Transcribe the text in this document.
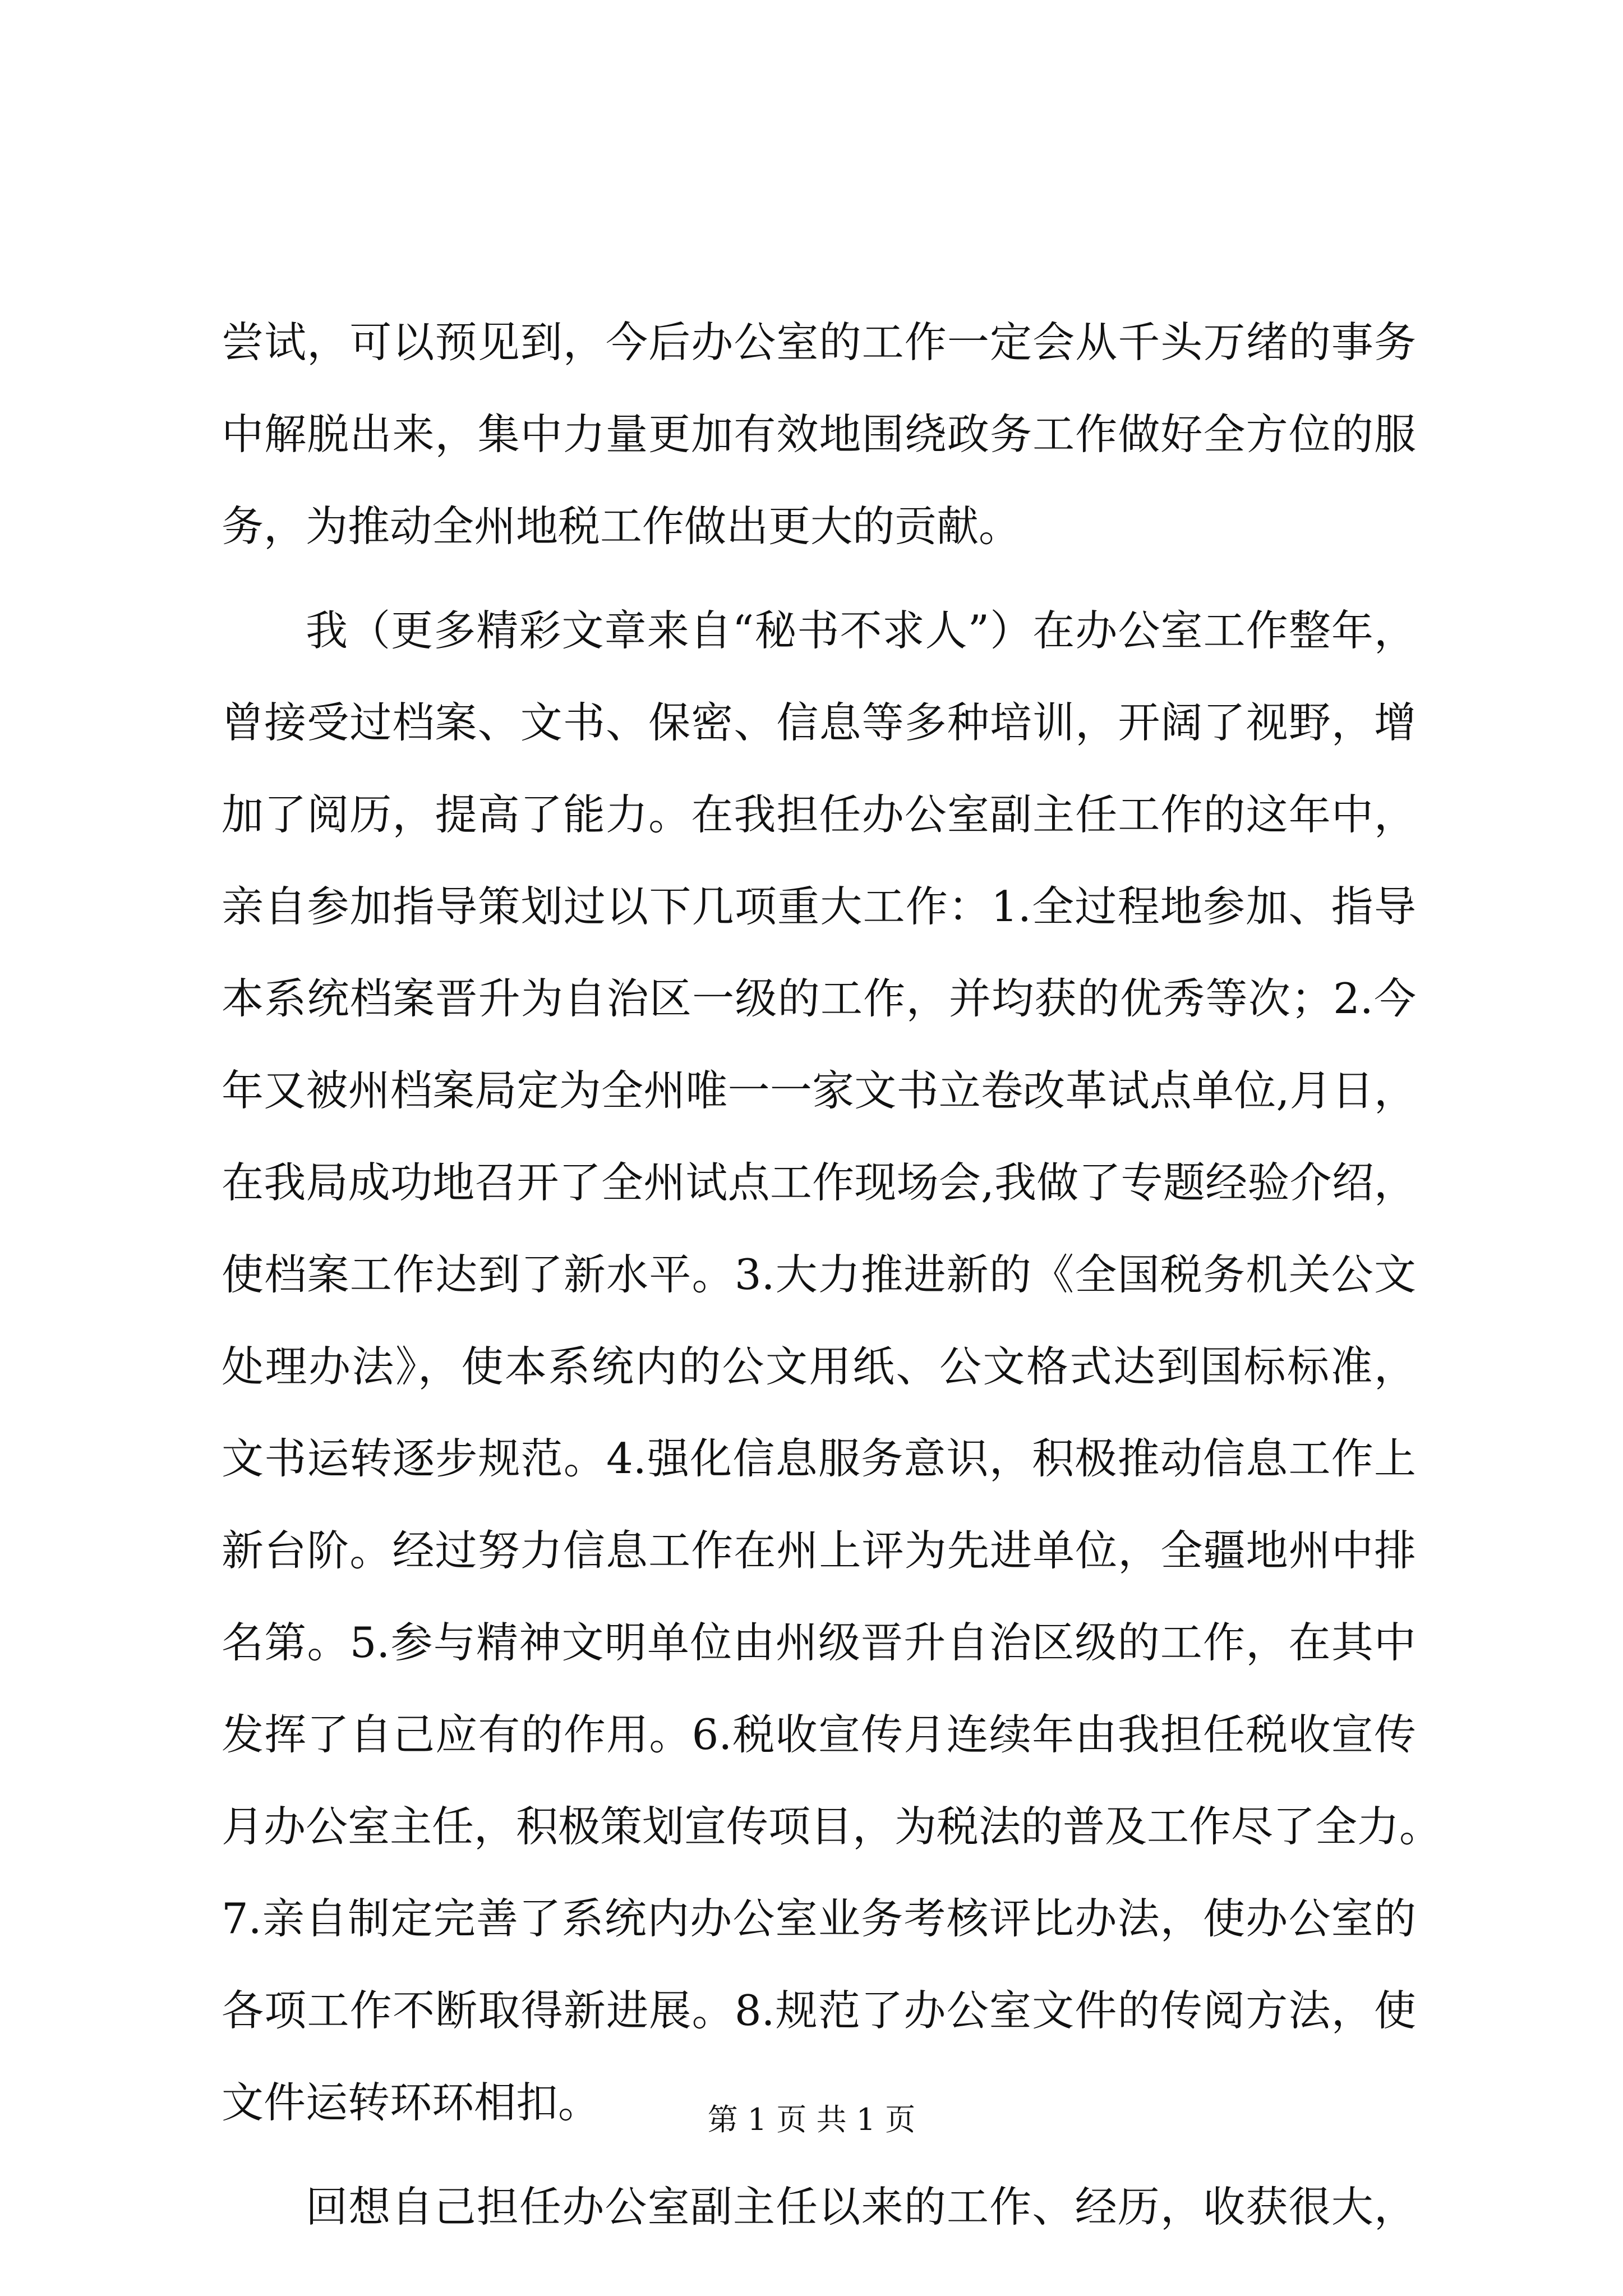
尝试，可以预见到，今后办公室的工作一定会从千头万绪的事务
中解脱出来，集中力量更加有效地围绕政务工作做好全方位的服
务，为推动全州地税工作做出更大的贡献。
我（更多精彩文章来自“秘书不求人”）在办公室工作整年，
曾接受过档案、文书、保密、信息等多种培训，开阔了视野，增
加了阅历，提高了能力。在我担任办公室副主任工作的这年中，
亲自参加指导策划过以下几项重大工作：1.全过程地参加、指导
本系统档案晋升为自治区一级的工作，并均获的优秀等次；2.今
年又被州档案局定为全州唯一一家文书立卷改革试点单位,月日，
在我局成功地召开了全州试点工作现场会,我做了专题经验介绍，
使档案工作达到了新水平。3.大力推进新的《全国税务机关公文
处理办法》，使本系统内的公文用纸、公文格式达到国标标准，
文书运转逐步规范。4.强化信息服务意识，积极推动信息工作上
新台阶。经过努力信息工作在州上评为先进单位，全疆地州中排
名第。5.参与精神文明单位由州级晋升自治区级的工作，在其中
发挥了自己应有的作用。6.税收宣传月连续年由我担任税收宣传
月办公室主任，积极策划宣传项目，为税法的普及工作尽了全力。
7.亲自制定完善了系统内办公室业务考核评比办法，使办公室的
各项工作不断取得新进展。8.规范了办公室文件的传阅方法，使
文件运转环环相扣。
回想自己担任办公室副主任以来的工作、经历，收获很大，
第 1 页 共 1 页
